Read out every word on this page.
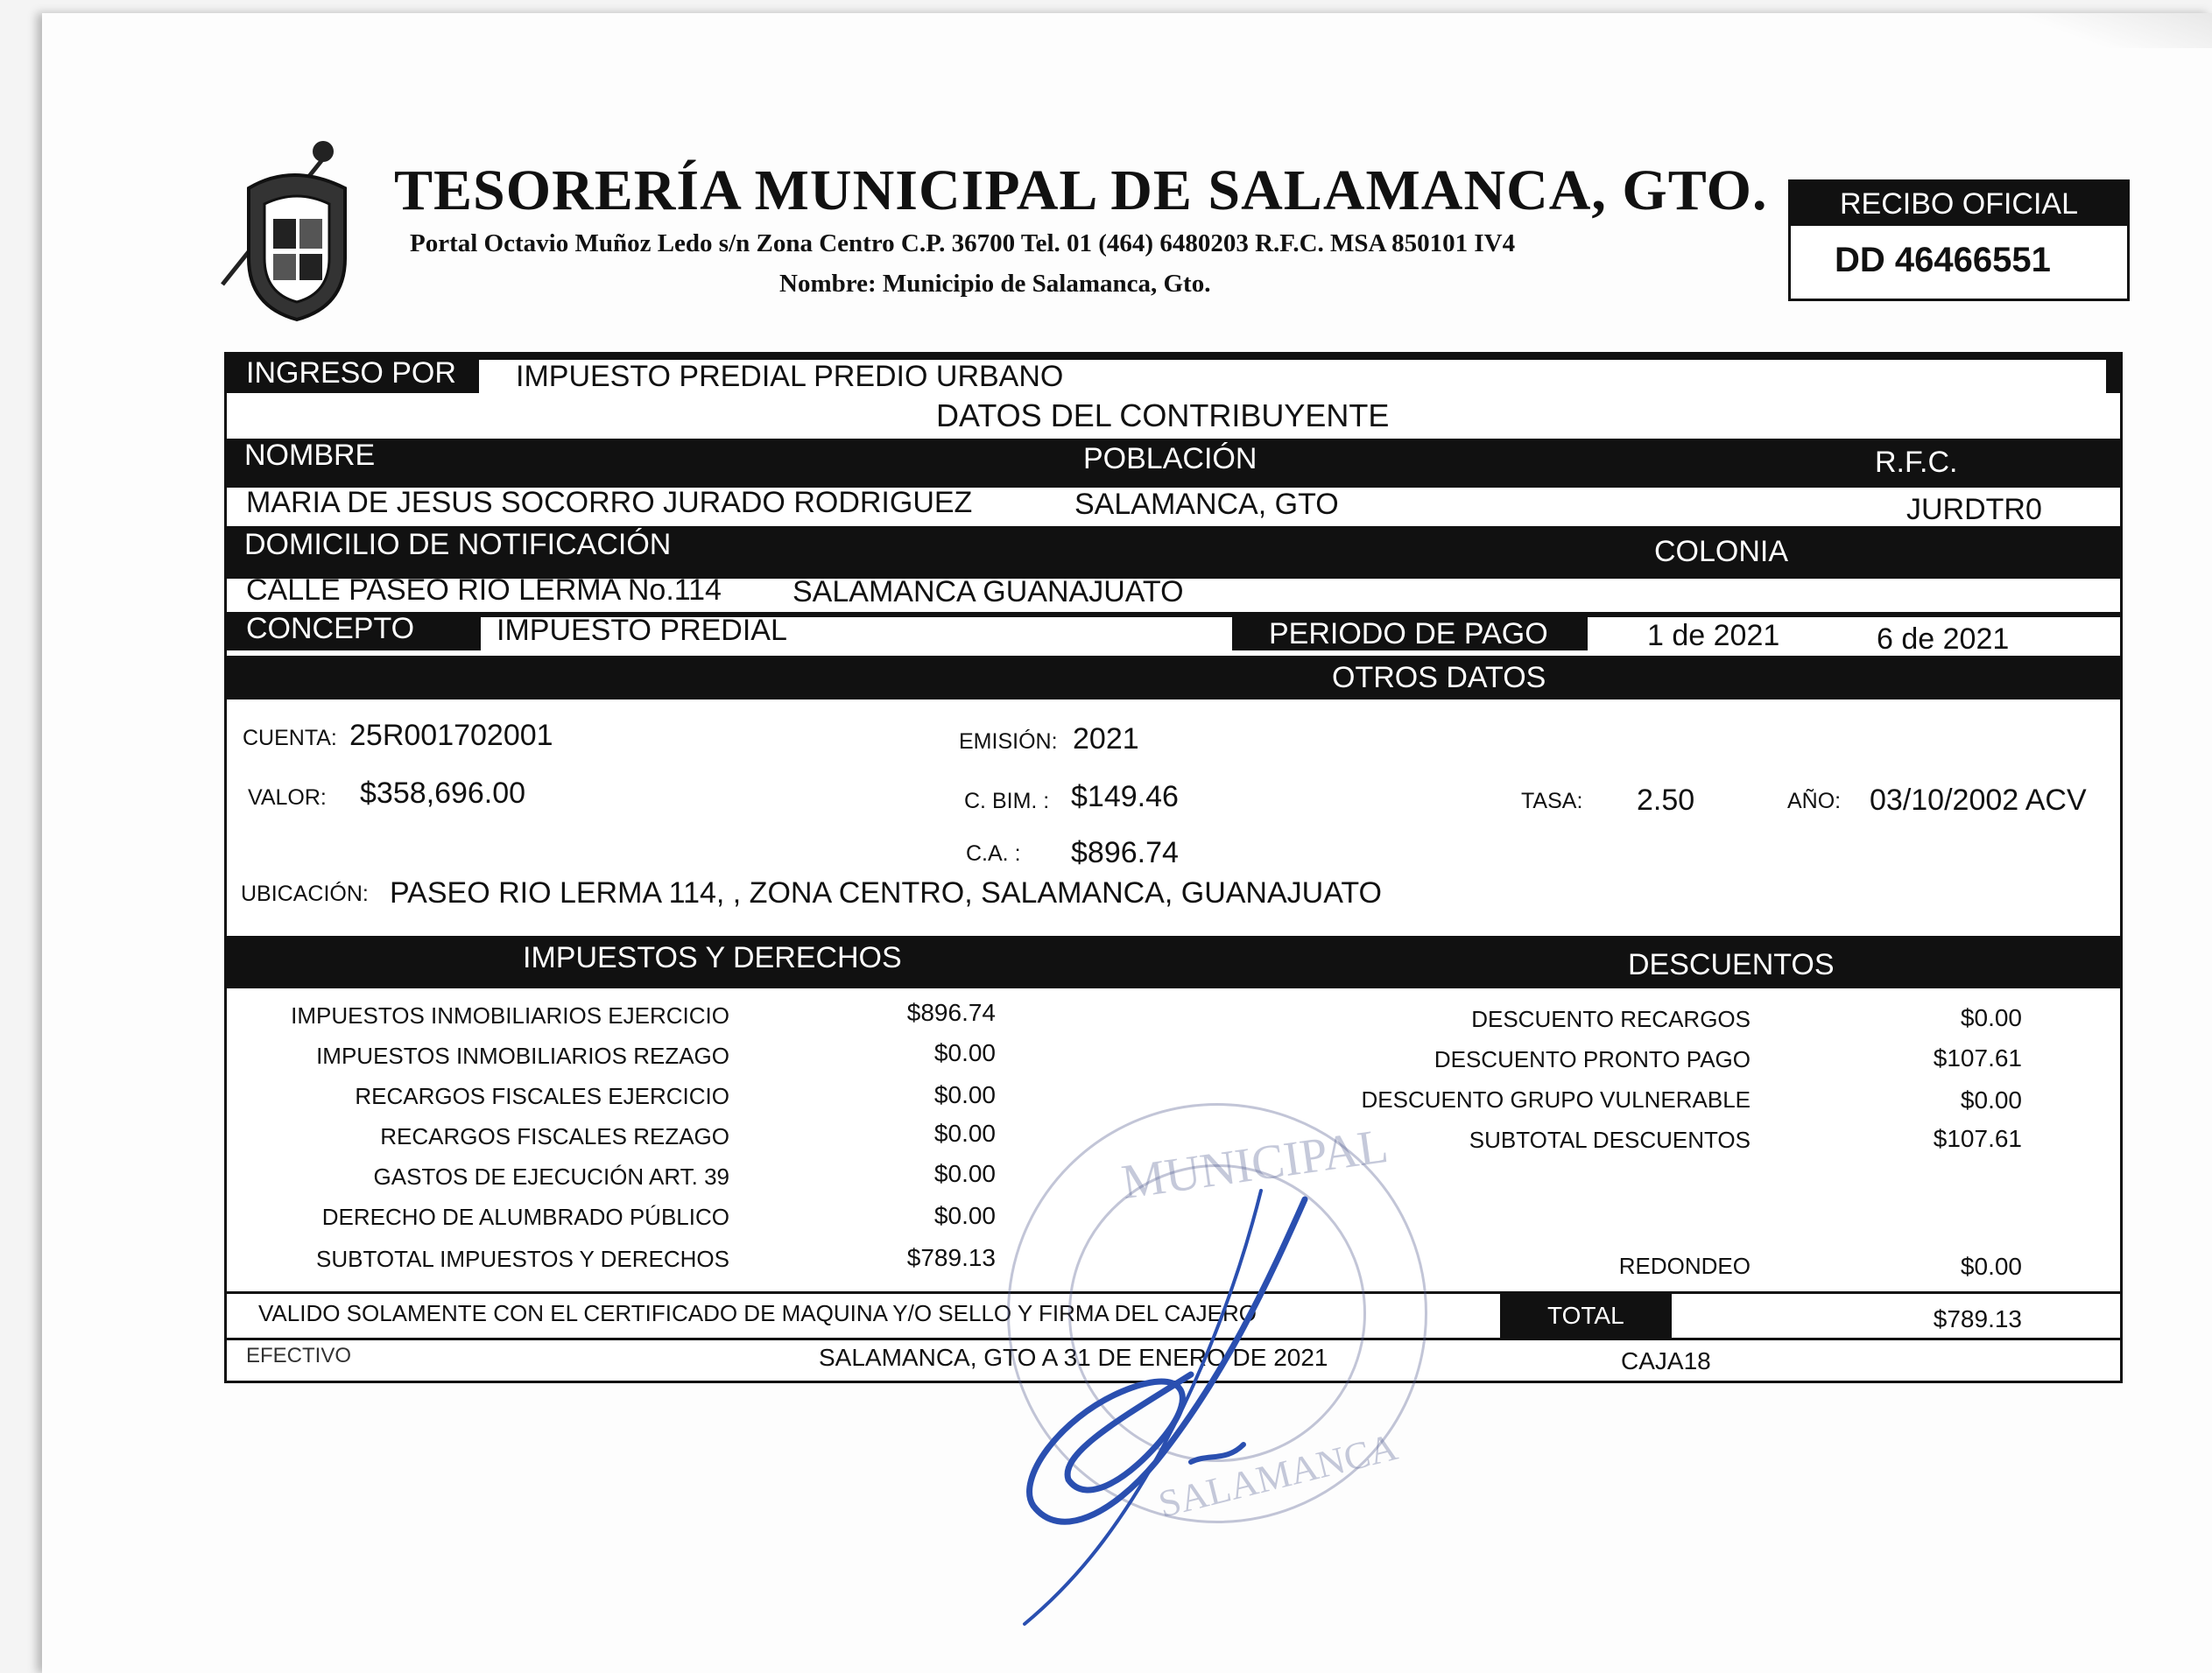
TESORERÍA MUNICIPAL DE SALAMANCA, GTO.
Portal Octavio Muñoz Ledo s/n Zona Centro C.P. 36700 Tel. 01 (464) 6480203 R.F.C. MSA 850101 IV4
Nombre: Municipio de Salamanca, Gto.
RECIBO OFICIAL
DD 46466551
INGRESO POR IMPUESTO PREDIAL PREDIO URBANO
DATOS DEL CONTRIBUYENTE
NOMBRE	POBLACIÓN	R.F.C.
MARIA DE JESUS SOCORRO JURADO RODRIGUEZ	SALAMANCA, GTO	JURDTR0
DOMICILIO DE NOTIFICACIÓN	COLONIA
CALLE PASEO RIO LERMA No.114 SALAMANCA GUANAJUATO
CONCEPTO	IMPUESTO PREDIAL	PERIODO DE PAGO	1 de 2021	6 de 2021
OTROS DATOS
CUENTA: 25R001702001	EMISIÓN: 2021
VALOR: $358,696.00	C. BIM. : $149.46	TASA: 2.50	AÑO: 03/10/2002 ACV
C.A. : $896.74
UBICACIÓN: PASEO RIO LERMA 114, , ZONA CENTRO, SALAMANCA, GUANAJUATO
IMPUESTOS Y DERECHOS	DESCUENTOS
IMPUESTOS INMOBILIARIOS EJERCICIO	$896.74
IMPUESTOS INMOBILIARIOS REZAGO	$0.00
RECARGOS FISCALES EJERCICIO	$0.00
RECARGOS FISCALES REZAGO	$0.00
GASTOS DE EJECUCIÓN ART. 39	$0.00
DERECHO DE ALUMBRADO PÚBLICO	$0.00
SUBTOTAL IMPUESTOS Y DERECHOS	$789.13
DESCUENTO RECARGOS	$0.00
DESCUENTO PRONTO PAGO	$107.61
DESCUENTO GRUPO VULNERABLE	$0.00
SUBTOTAL DESCUENTOS	$107.61
REDONDEO	$0.00
VALIDO SOLAMENTE CON EL CERTIFICADO DE MAQUINA Y/O SELLO Y FIRMA DEL CAJERO	TOTAL	$789.13
EFECTIVO	SALAMANCA, GTO A 31 DE ENERO DE 2021	CAJA18
MUNICIPAL
SALAMANCA
